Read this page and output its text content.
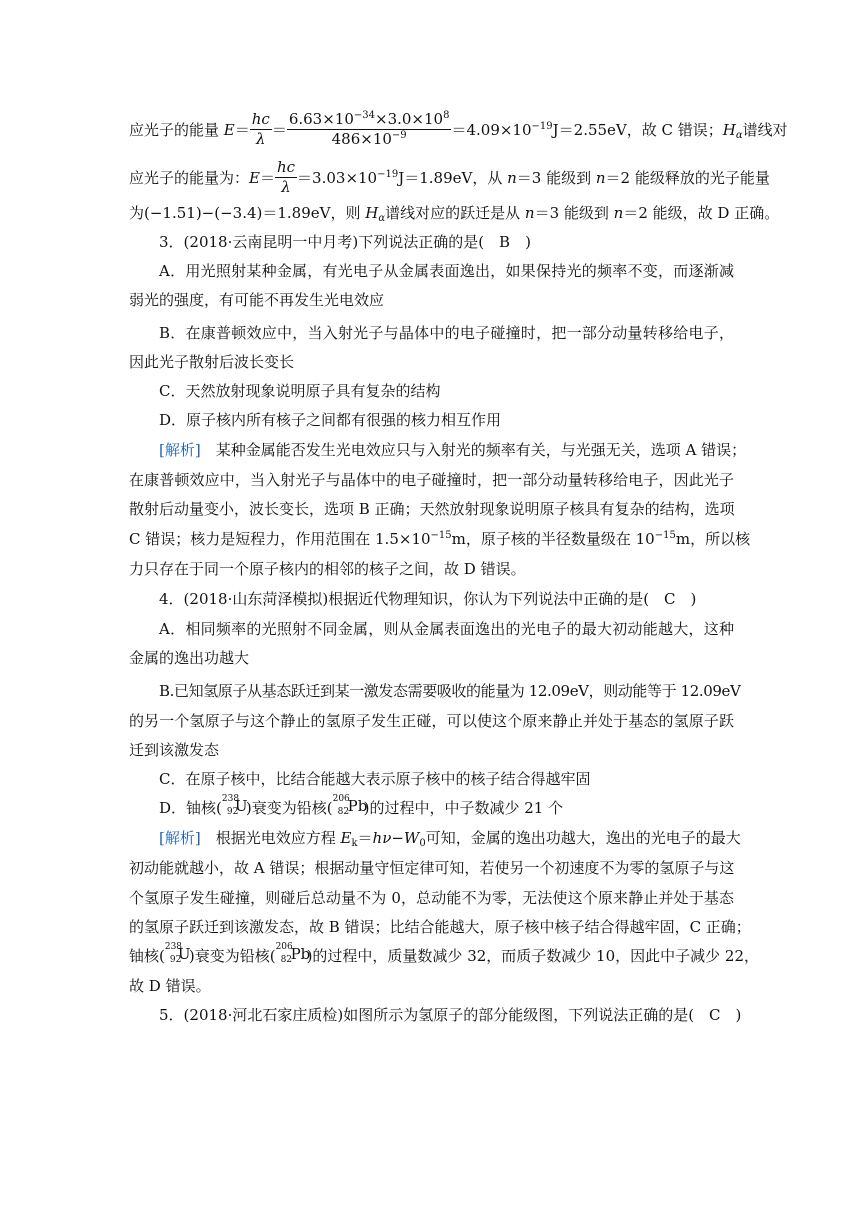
应光子的能量 $E= \frac{hc}{\lambda} = \frac{6.63\times 10^{-34}\times 3.0\times 10^8}{486\times 10^{-9}} =4.09\times 10^{-19}J=2.55eV$，故 C 错误；$H_\alpha$谱线对
应光子的能量为：$E= \frac{hc}{\lambda} =3.03\times 10^{-19}J=1.89eV$，从 n＝3 能级到 n＝2 能级释放的光子能量
为(−1.51)−(−3.4)＝1.89eV，则 $H_\alpha$谱线对应的跃迁是从 n＝3 能级到 n＝2 能级，故 D 正确。
3．(2018·云南昆明一中月考)下列说法正确的是(　B　)
A．用光照射某种金属，有光电子从金属表面逸出，如果保持光的频率不变，而逐渐减
弱光的强度，有可能不再发生光电效应
B．在康普顿效应中，当入射光子与晶体中的电子碰撞时，把一部分动量转移给电子，
因此光子散射后波长变长
C．天然放射现象说明原子具有复杂的结构
D．原子核内所有核子之间都有很强的核力相互作用
[解析]　某种金属能否发生光电效应只与入射光的频率有关，与光强无关，选项 A 错误；
在康普顿效应中，当入射光子与晶体中的电子碰撞时，把一部分动量转移给电子，因此光子
散射后动量变小，波长变长，选项 B 正确；天然放射现象说明原子核具有复杂的结构，选项
C 错误；核力是短程力，作用范围在 $1.5\times 10^{-15}m$，原子核的半径数量级在 $10^{-15}m$，所以核
力只存在于同一个原子核内的相邻的核子之间，故 D 错误。
4．(2018·山东菏泽模拟)根据近代物理知识，你认为下列说法中正确的是(　C　)
A．相同频率的光照射不同金属，则从金属表面逸出的光电子的最大初动能越大，这种
金属的逸出功越大
B.已知氢原子从基态跃迁到某一激发态需要吸收的能量为 12.09eV，则动能等于 12.09eV
的另一个氢原子与这个静止的氢原子发生正碰，可以使这个原来静止并处于基态的氢原子跃
迁到该激发态
C．在原子核中，比结合能越大表示原子核中的核子结合得越牢固
D．铀核( 238
92
U
)衰变为铅核( 206
82
Pb
)的过程中，中子数减少 21 个
[解析]　根据光电效应方程 $E_k=h\nu-W_0$可知，金属的逸出功越大，逸出的光电子的最大
初动能就越小，故 A 错误；根据动量守恒定律可知，若使另一个初速度不为零的氢原子与这
个氢原子发生碰撞，则碰后总动量不为 0，总动能不为零，无法使这个原来静止并处于基态
的氢原子跃迁到该激发态，故 B 错误；比结合能越大，原子核中核子结合得越牢固，C 正确；
铀核( 238
92
U
)衰变为铅核( 206
82
Pb
)的过程中，质量数减少 32，而质子数减少 10，因此中子减少 22，
故 D 错误。
5．(2018·河北石家庄质检)如图所示为氢原子的部分能级图，下列说法正确的是(　C　)
